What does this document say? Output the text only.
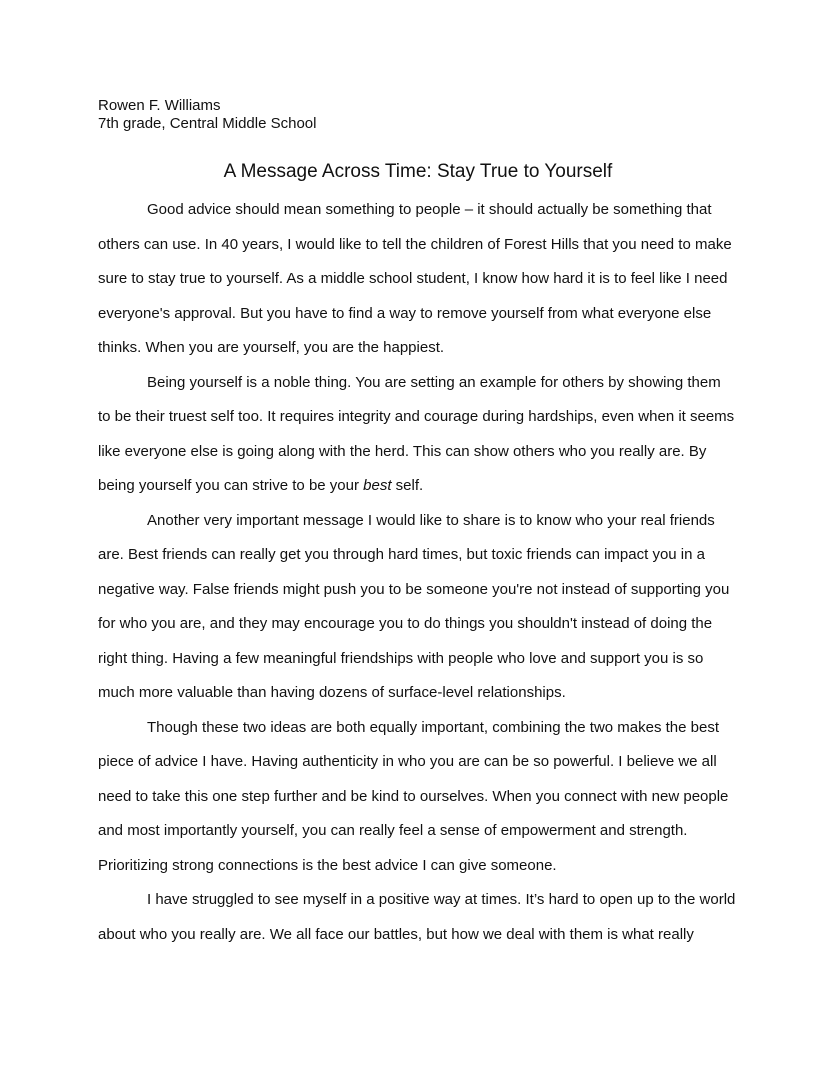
Rowen F. Williams

7th grade, Central Middle School

A Message Across Time: Stay True to Yourself

Good advice should mean something to people – it should actually be something that
others can use. In 40 years, I would like to tell the children of Forest Hills that you need to make
sure to stay true to yourself. As a middle school student, I know how hard it is to feel like I need
everyone's approval. But you have to find a way to remove yourself from what everyone else
thinks. When you are yourself, you are the happiest.

Being yourself is a noble thing. You are setting an example for others by showing them
to be their truest self too. It requires integrity and courage during hardships, even when it seems
like everyone else is going along with the herd. This can show others who you really are. By
being yourself you can strive to be your best self.

Another very important message I would like to share is to know who your real friends
are. Best friends can really get you through hard times, but toxic friends can impact you in a
negative way. False friends might push you to be someone you're not instead of supporting you
for who you are, and they may encourage you to do things you shouldn't instead of doing the
right thing. Having a few meaningful friendships with people who love and support you is so
much more valuable than having dozens of surface-level relationships.

Though these two ideas are both equally important, combining the two makes the best
piece of advice I have. Having authenticity in who you are can be so powerful. I believe we all
need to take this one step further and be kind to ourselves. When you connect with new people
and most importantly yourself, you can really feel a sense of empowerment and strength.
Prioritizing strong connections is the best advice I can give someone.

I have struggled to see myself in a positive way at times. It’s hard to open up to the world
about who you really are. We all face our battles, but how we deal with them is what really
